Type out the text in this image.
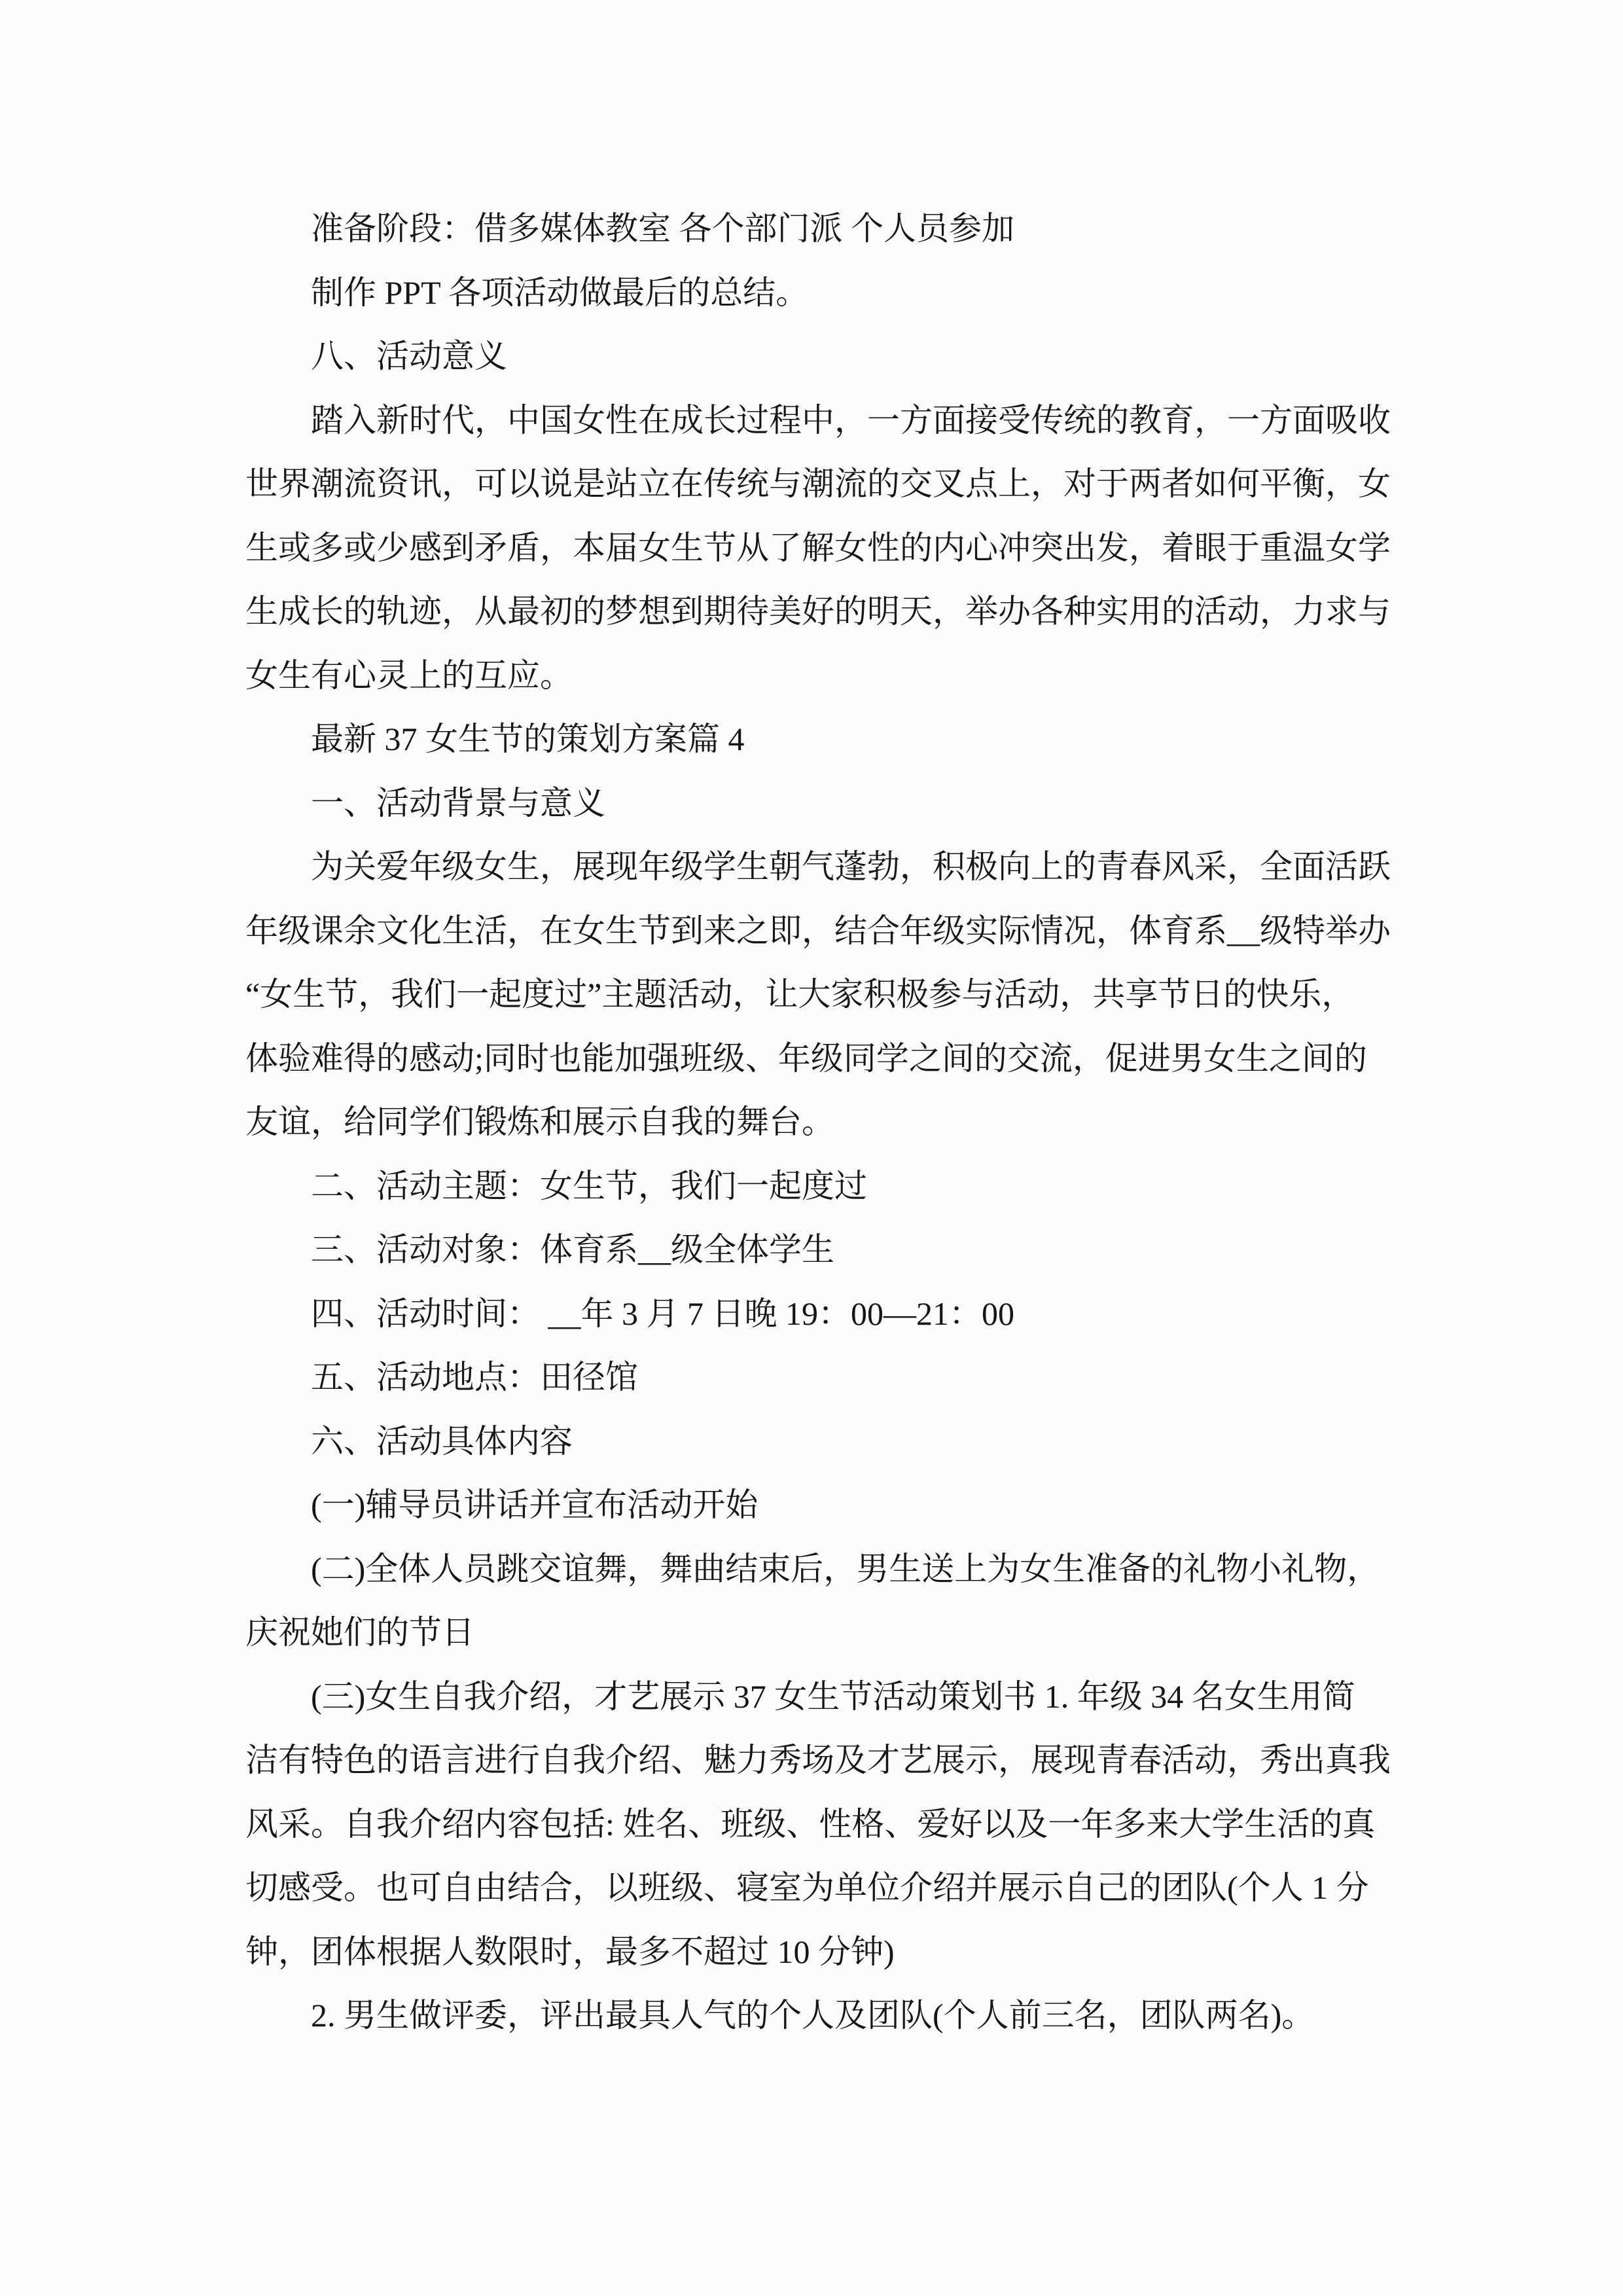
准备阶段：借多媒体教室 各个部门派 个人员参加
制作 PPT 各项活动做最后的总结。
八、活动意义
踏入新时代，中国女性在成长过程中，一方面接受传统的教育，一方面吸收
世界潮流资讯，可以说是站立在传统与潮流的交叉点上，对于两者如何平衡，女
生或多或少感到矛盾，本届女生节从了解女性的内心冲突出发，着眼于重温女学
生成长的轨迹，从最初的梦想到期待美好的明天，举办各种实用的活动，力求与
女生有心灵上的互应。
最新 37 女生节的策划方案篇 4
一、活动背景与意义
为关爱年级女生，展现年级学生朝气蓬勃，积极向上的青春风采，全面活跃
年级课余文化生活，在女生节到来之即，结合年级实际情况，体育系__级特举办
“女生节，我们一起度过”主题活动，让大家积极参与活动，共享节日的快乐，
体验难得的感动;同时也能加强班级、年级同学之间的交流，促进男女生之间的
友谊，给同学们锻炼和展示自我的舞台。
二、活动主题：女生节，我们一起度过
三、活动对象：体育系__级全体学生
四、活动时间： __年 3 月 7 日晚 19：00—21：00
五、活动地点：田径馆
六、活动具体内容
(一)辅导员讲话并宣布活动开始
(二)全体人员跳交谊舞，舞曲结束后，男生送上为女生准备的礼物小礼物，
庆祝她们的节日
(三)女生自我介绍，才艺展示 37 女生节活动策划书 1. 年级 34 名女生用简
洁有特色的语言进行自我介绍、魅力秀场及才艺展示，展现青春活动，秀出真我
风采。自我介绍内容包括: 姓名、班级、性格、爱好以及一年多来大学生活的真
切感受。也可自由结合，以班级、寝室为单位介绍并展示自己的团队(个人 1 分
钟，团体根据人数限时，最多不超过 10 分钟)
2. 男生做评委，评出最具人气的个人及团队(个人前三名，团队两名)。
